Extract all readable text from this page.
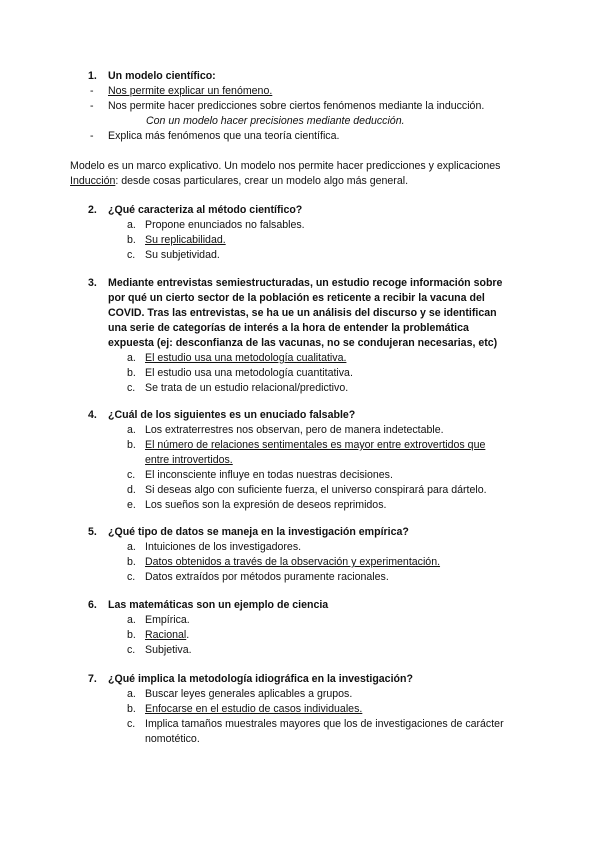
1. Un modelo científico:
- Nos permite explicar un fenómeno.
- Nos permite hacer predicciones sobre ciertos fenómenos mediante la inducción.
Con un modelo hacer precisiones mediante deducción.
- Explica más fenómenos que una teoría científica.
Modelo es un marco explicativo. Un modelo nos permite hacer predicciones y explicaciones
Inducción: desde cosas particulares, crear un modelo algo más general.
2. ¿Qué caracteriza al método científico?
a. Propone enunciados no falsables.
b. Su replicabilidad.
c. Su subjetividad.
3. Mediante entrevistas semiestructuradas, un estudio recoge información sobre
por qué un cierto sector de la población es reticente a recibir la vacuna del
COVID. Tras las entrevistas, se ha ue un análisis del discurso y se identifican
una serie de categorías de interés a la hora de entender la problemática
expuesta (ej: desconfianza de las vacunas, no se condujeran necesarias, etc)
a. El estudio usa una metodología cualitativa.
b. El estudio usa una metodología cuantitativa.
c. Se trata de un estudio relacional/predictivo.
4. ¿Cuál de los siguientes es un enuciado falsable?
a. Los extraterrestres nos observan, pero de manera indetectable.
b. El número de relaciones sentimentales es mayor entre extrovertidos que
entre introvertidos.
c. El inconsciente influye en todas nuestras decisiones.
d. Si deseas algo con suficiente fuerza, el universo conspirará para dártelo.
e. Los sueños son la expresión de deseos reprimidos.
5. ¿Qué tipo de datos se maneja en la investigación empírica?
a. Intuiciones de los investigadores.
b. Datos obtenidos a través de la observación y experimentación.
c. Datos extraídos por métodos puramente racionales.
6. Las matemáticas son un ejemplo de ciencia
a. Empírica.
b. Racional.
c. Subjetiva.
7. ¿Qué implica la metodología idiográfica en la investigación?
a. Buscar leyes generales aplicables a grupos.
b. Enfocarse en el estudio de casos individuales.
c. Implica tamaños muestrales mayores que los de investigaciones de carácter
nomotético.
